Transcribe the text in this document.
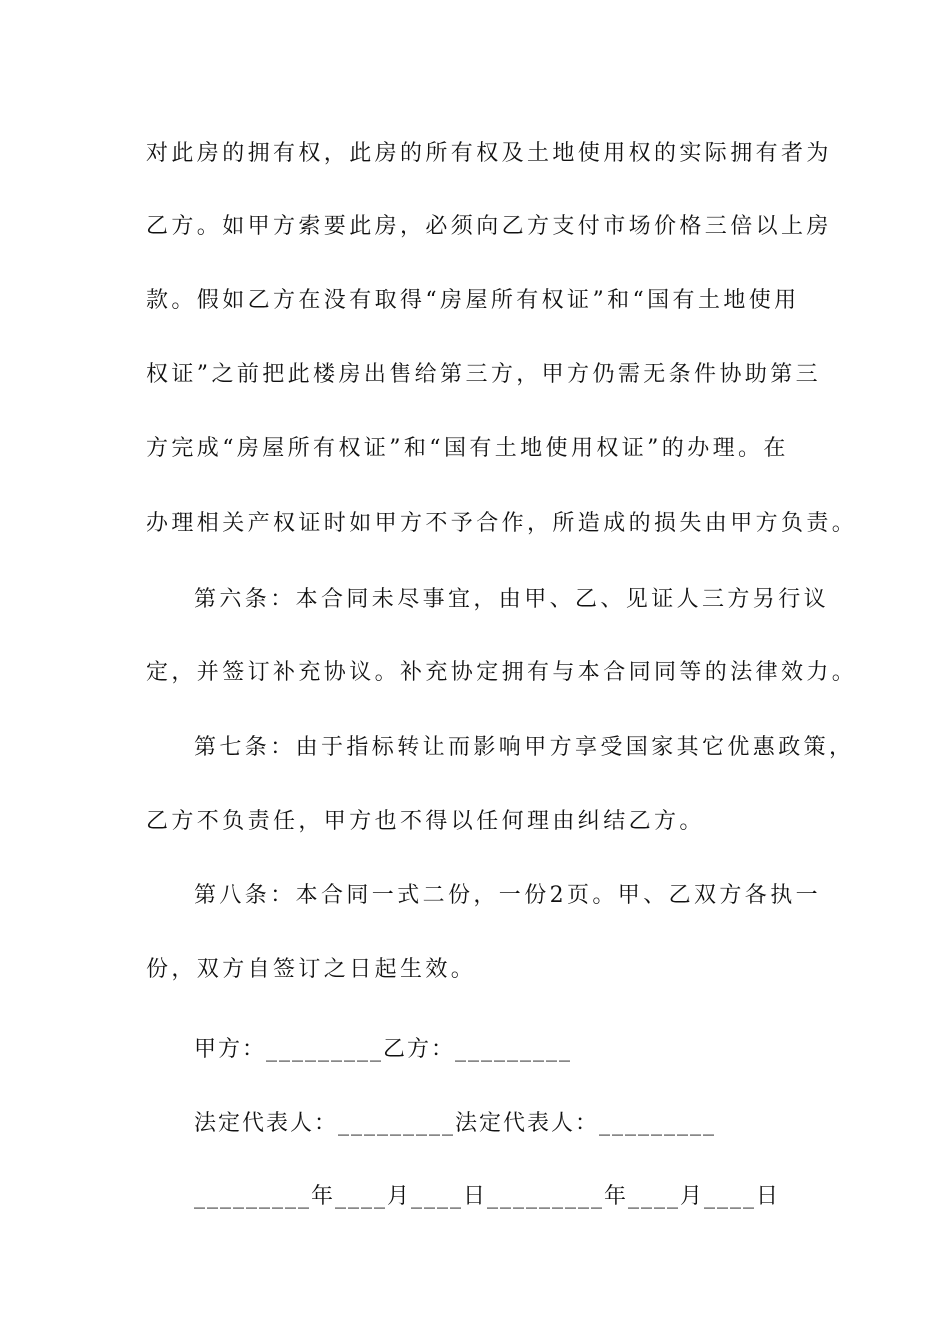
对此房的拥有权，此房的所有权及土地使用权的实际拥有者为
乙方。如甲方索要此房，必须向乙方支付市场价格三倍以上房
款。假如乙方在没有取得“房屋所有权证”和“国有土地使用
权证”之前把此楼房出售给第三方，甲方仍需无条件协助第三
方完成“房屋所有权证”和“国有土地使用权证”的办理。在
办理相关产权证时如甲方不予合作，所造成的损失由甲方负责。
第六条：本合同未尽事宜，由甲、乙、见证人三方另行议
定，并签订补充协议。补充协定拥有与本合同同等的法律效力。
第七条：由于指标转让而影响甲方享受国家其它优惠政策，
乙方不负责任，甲方也不得以任何理由纠结乙方。
第八条：本合同一式二份，一份2页。甲、乙双方各执一
份，双方自签订之日起生效。
甲方：_________乙方：_________
法定代表人：_________法定代表人：_________
_________年____月____日_________年____月____日
